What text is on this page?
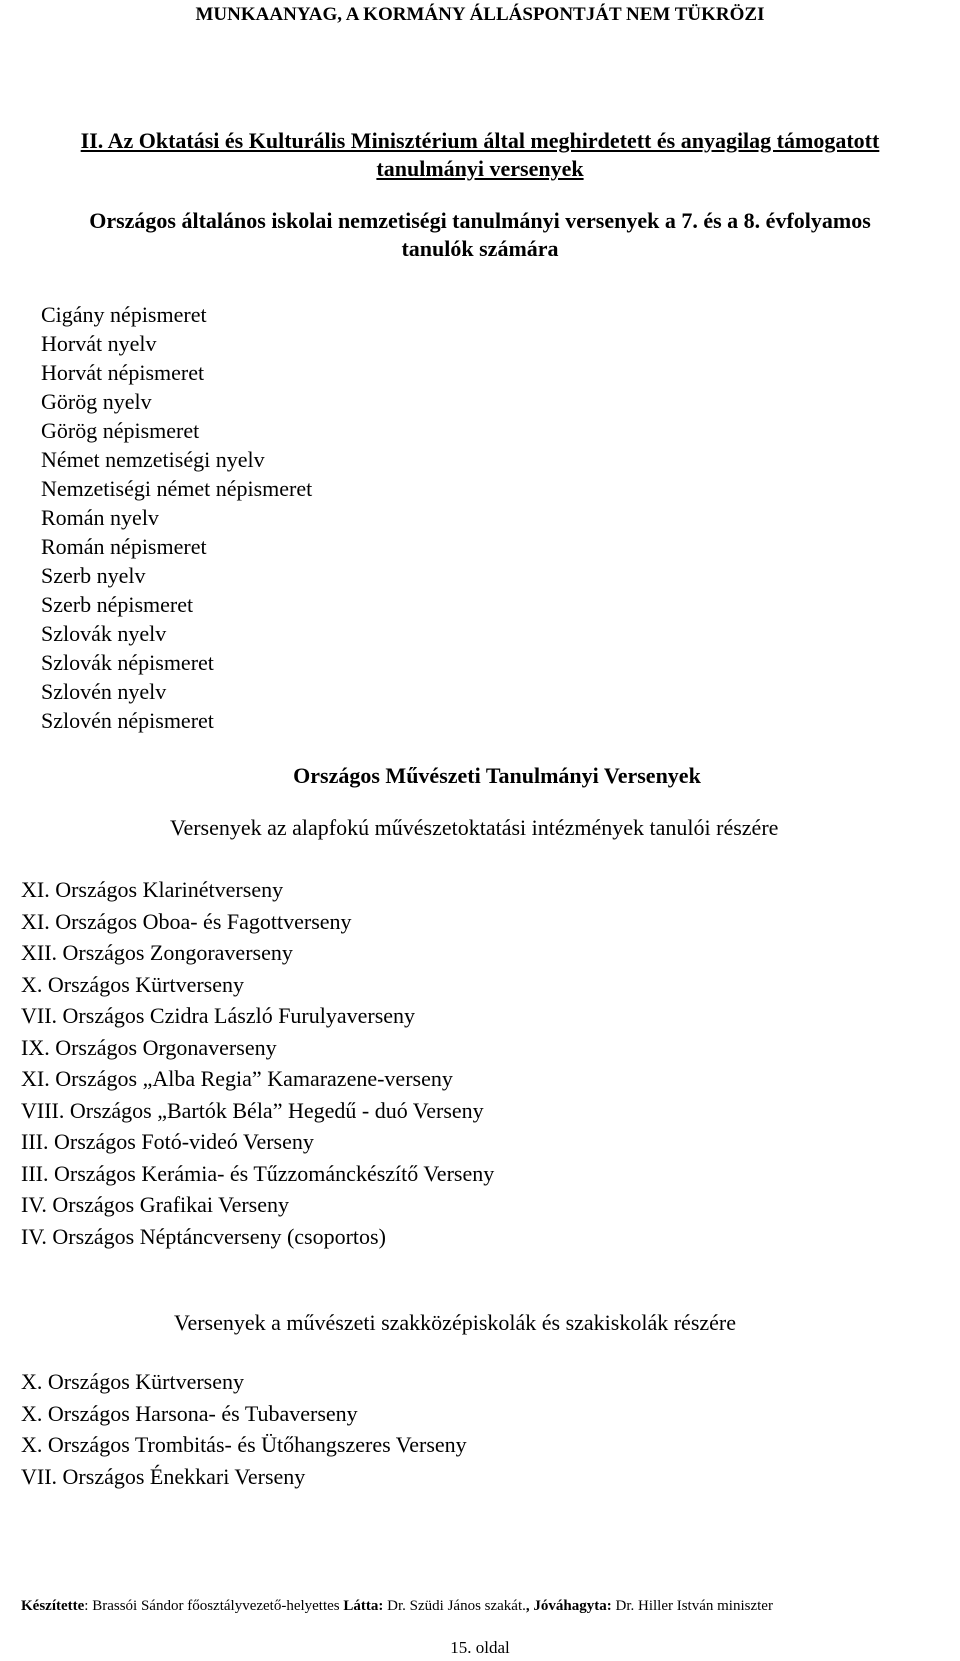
MUNKAANYAG, A KORMÁNY ÁLLÁSPONTJÁT NEM TÜKRÖZI
II. Az Oktatási és Kulturális Minisztérium által meghirdetett és anyagilag támogatott
tanulmányi versenyek
Országos általános iskolai nemzetiségi tanulmányi versenyek a 7. és a 8. évfolyamos
tanulók számára
Cigány népismeret
Horvát nyelv
Horvát népismeret
Görög nyelv
Görög népismeret
Német nemzetiségi nyelv
Nemzetiségi német népismeret
Román nyelv
Román népismeret
Szerb nyelv
Szerb népismeret
Szlovák nyelv
Szlovák népismeret
Szlovén nyelv
Szlovén népismeret
Országos Művészeti Tanulmányi Versenyek
Versenyek az alapfokú művészetoktatási intézmények tanulói részére
XI. Országos Klarinétverseny
XI. Országos Oboa- és Fagottverseny
XII. Országos Zongoraverseny
X. Országos Kürtverseny
VII. Országos Czidra László Furulyaverseny
IX. Országos Orgonaverseny
XI. Országos „Alba Regia” Kamarazene-verseny
VIII. Országos „Bartók Béla” Hegedű - duó Verseny
III. Országos Fotó-videó Verseny
III. Országos Kerámia- és Tűzzománckészítő Verseny
IV. Országos Grafikai Verseny
IV. Országos Néptáncverseny (csoportos)
Versenyek a művészeti szakközépiskolák és szakiskolák részére
X. Országos Kürtverseny
X. Országos Harsona- és Tubaverseny
X. Országos Trombitás- és Ütőhangszeres Verseny
VII. Országos Énekkari Verseny
Készítette: Brassói Sándor főosztályvezető-helyettes Látta: Dr. Szüdi János szakát., Jóváhagyta: Dr. Hiller István miniszter
15. oldal
